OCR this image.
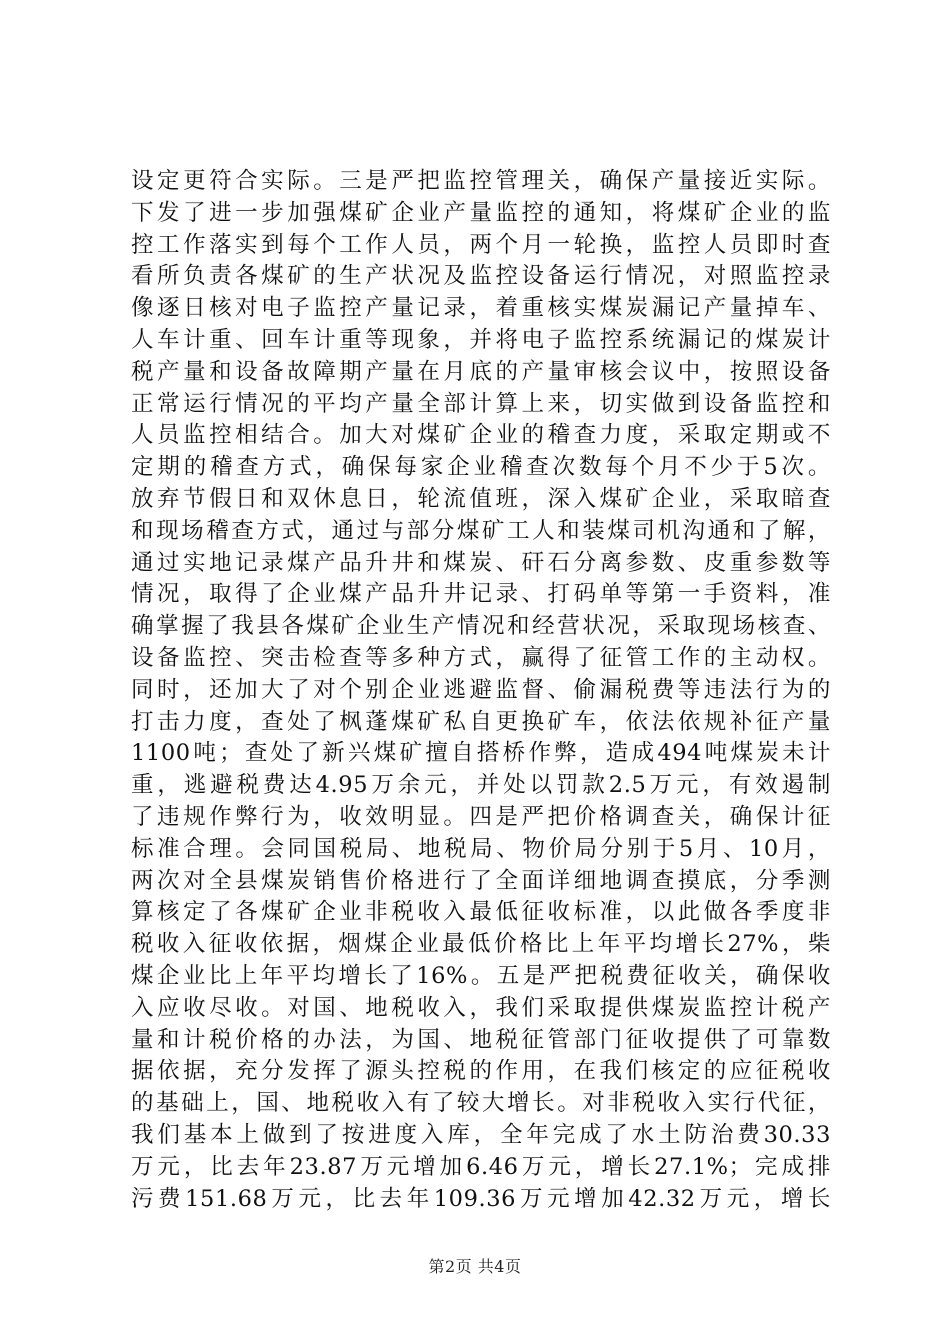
设定更符合实际。三是严把监控管理关，确保产量接近实际。
下发了进一步加强煤矿企业产量监控的通知，将煤矿企业的监
控工作落实到每个工作人员，两个月一轮换，监控人员即时查
看所负责各煤矿的生产状况及监控设备运行情况，对照监控录
像逐日核对电子监控产量记录，着重核实煤炭漏记产量掉车、
人车计重、回车计重等现象，并将电子监控系统漏记的煤炭计
税产量和设备故障期产量在月底的产量审核会议中，按照设备
正常运行情况的平均产量全部计算上来，切实做到设备监控和
人员监控相结合。加大对煤矿企业的稽查力度，采取定期或不
定期的稽查方式，确保每家企业稽查次数每个月不少于5次。
放弃节假日和双休息日，轮流值班，深入煤矿企业，采取暗查
和现场稽查方式，通过与部分煤矿工人和装煤司机沟通和了解，
通过实地记录煤产品升井和煤炭、矸石分离参数、皮重参数等
情况，取得了企业煤产品升井记录、打码单等第一手资料，准
确掌握了我县各煤矿企业生产情况和经营状况，采取现场核查、
设备监控、突击检查等多种方式，赢得了征管工作的主动权。
同时，还加大了对个别企业逃避监督、偷漏税费等违法行为的
打击力度，查处了枫蓬煤矿私自更换矿车，依法依规补征产量
1100吨；查处了新兴煤矿擅自搭桥作弊，造成494吨煤炭未计
重，逃避税费达4.95万余元，并处以罚款2.5万元，有效遏制
了违规作弊行为，收效明显。四是严把价格调查关，确保计征
标准合理。会同国税局、地税局、物价局分别于5月、10月，
两次对全县煤炭销售价格进行了全面详细地调查摸底，分季测
算核定了各煤矿企业非税收入最低征收标准，以此做各季度非
税收入征收依据，烟煤企业最低价格比上年平均增长27%，柴
煤企业比上年平均增长了16%。五是严把税费征收关，确保收
入应收尽收。对国、地税收入，我们采取提供煤炭监控计税产
量和计税价格的办法，为国、地税征管部门征收提供了可靠数
据依据，充分发挥了源头控税的作用，在我们核定的应征税收
的基础上，国、地税收入有了较大增长。对非税收入实行代征，
我们基本上做到了按进度入库，全年完成了水土防治费30.33
万元，比去年23.87万元增加6.46万元，增长27.1%；完成排
污费151.68万元，比去年109.36万元增加42.32万元，增长
第2页 共4页
